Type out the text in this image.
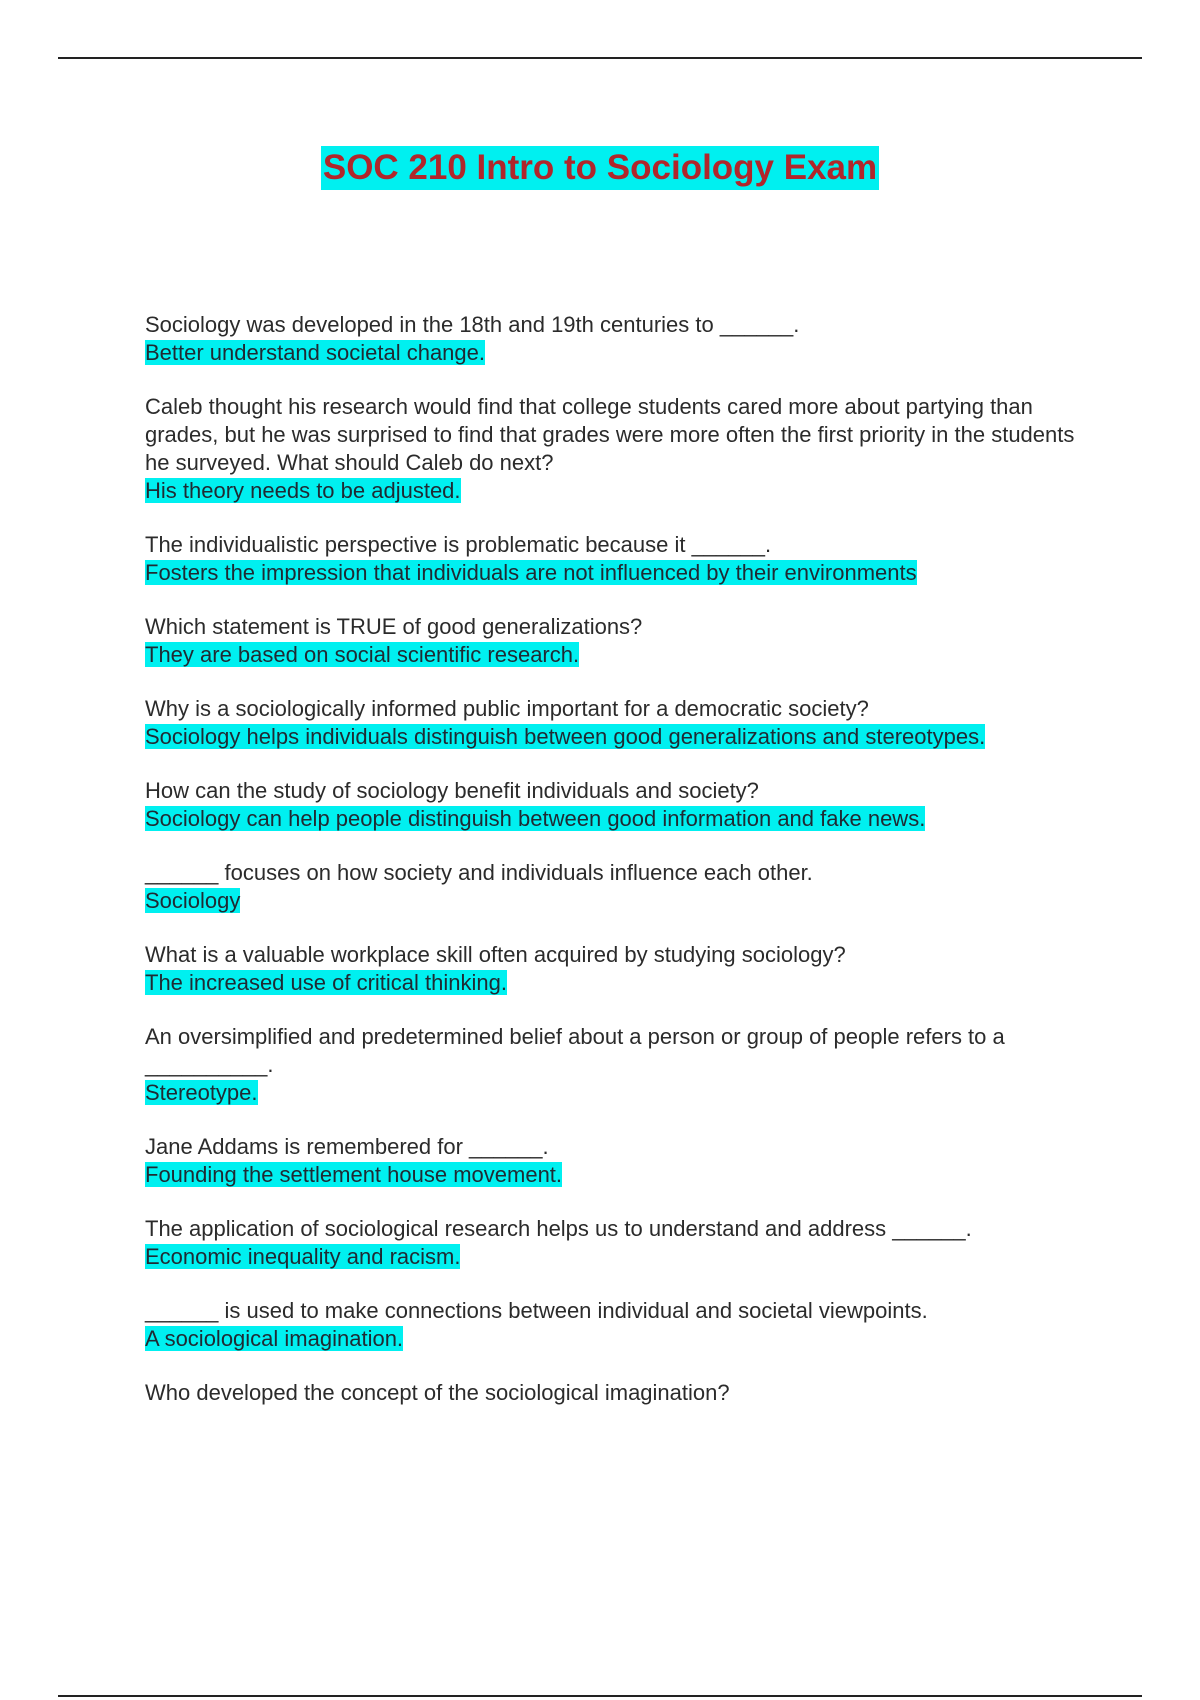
SOC 210 Intro to Sociology Exam
Sociology was developed in the 18th and 19th centuries to ______.
Better understand societal change.
Caleb thought his research would find that college students cared more about partying than grades, but he was surprised to find that grades were more often the first priority in the students he surveyed. What should Caleb do next?
His theory needs to be adjusted.
The individualistic perspective is problematic because it ______.
Fosters the impression that individuals are not influenced by their environments
Which statement is TRUE of good generalizations?
They are based on social scientific research.
Why is a sociologically informed public important for a democratic society?
Sociology helps individuals distinguish between good generalizations and stereotypes.
How can the study of sociology benefit individuals and society?
Sociology can help people distinguish between good information and fake news.
______ focuses on how society and individuals influence each other.
Sociology
What is a valuable workplace skill often acquired by studying sociology?
The increased use of critical thinking.
An oversimplified and predetermined belief about a person or group of people refers to a __________.
Stereotype.
Jane Addams is remembered for ______.
Founding the settlement house movement.
The application of sociological research helps us to understand and address ______.
Economic inequality and racism.
______ is used to make connections between individual and societal viewpoints.
A sociological imagination.
Who developed the concept of the sociological imagination?
